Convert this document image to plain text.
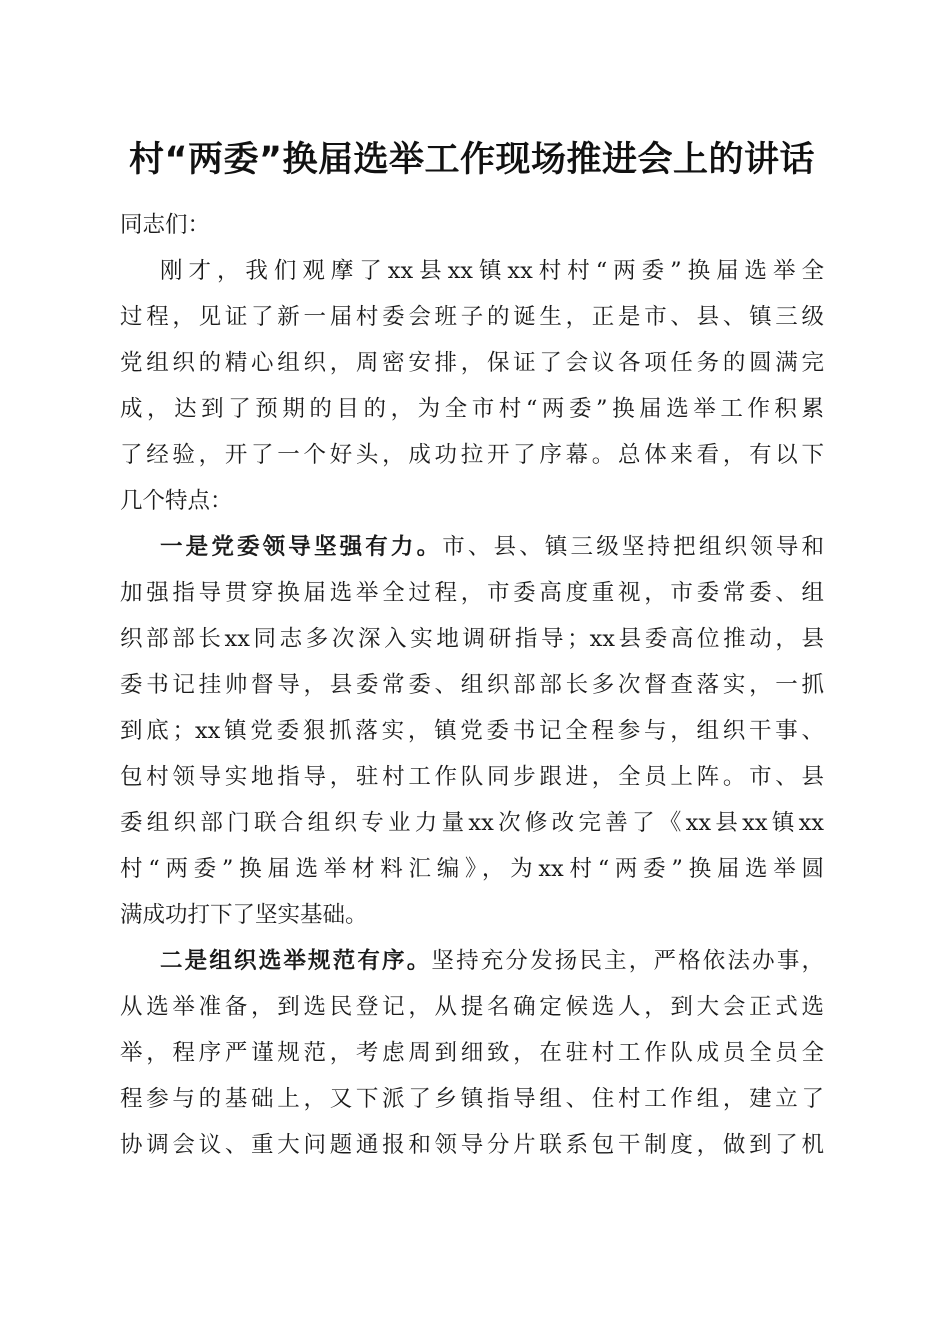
村“两委”换届选举工作现场推进会上的讲话
同志们：
刚才，我们观摩了xx县xx镇xx村村“两委”换届选举全
过程，见证了新一届村委会班子的诞生，正是市、县、镇三级
党组织的精心组织，周密安排，保证了会议各项任务的圆满完
成，达到了预期的目的，为全市村“两委”换届选举工作积累
了经验，开了一个好头，成功拉开了序幕。总体来看，有以下
几个特点：
一是党委领导坚强有力。市、县、镇三级坚持把组织领导和
加强指导贯穿换届选举全过程，市委高度重视，市委常委、组
织部部长xx同志多次深入实地调研指导；xx县委高位推动，县
委书记挂帅督导，县委常委、组织部部长多次督查落实，一抓
到底；xx镇党委狠抓落实，镇党委书记全程参与，组织干事、
包村领导实地指导，驻村工作队同步跟进，全员上阵。市、县
委组织部门联合组织专业力量xx次修改完善了《xx县xx镇xx
村“两委”换届选举材料汇编》，为xx村“两委”换届选举圆
满成功打下了坚实基础。
二是组织选举规范有序。坚持充分发扬民主，严格依法办事，
从选举准备，到选民登记，从提名确定候选人，到大会正式选
举，程序严谨规范，考虑周到细致，在驻村工作队成员全员全
程参与的基础上，又下派了乡镇指导组、住村工作组，建立了
协调会议、重大问题通报和领导分片联系包干制度，做到了机
